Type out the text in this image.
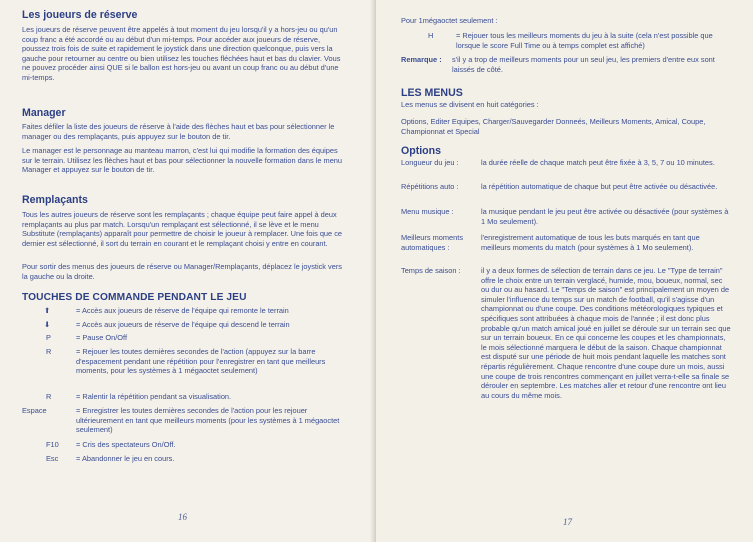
Les joueurs de réserve
Les joueurs de réserve peuvent être appelés à tout moment du jeu lorsqu'il y a hors-jeu ou qu'un coup franc a été accordé ou au début d'un mi-temps. Pour accéder aux joueurs de réserve, poussez trois fois de suite et rapidement le joystick dans une direction quelconque, puis vers la gauche pour retourner au centre ou bien utilisez les touches fléchées haut et bas du clavier. Vous ne pouvez procéder ainsi QUE si le ballon est hors-jeu ou avant un coup franc ou au début d'une mi-temps.
Manager
Faites défiler la liste des joueurs de réserve à l'aide des flèches haut et bas pour sélectionner le manager ou des remplaçants, puis appuyez sur le bouton de tir.
Le manager est le personnage au manteau marron, c'est lui qui modifie la formation des équipes sur le terrain. Utilisez les flèches haut et bas pour sélectionner la nouvelle formation dans le menu Manager et appuyez sur le bouton de tir.
Remplaçants
Tous les autres joueurs de réserve sont les remplaçants ; chaque équipe peut faire appel à deux remplaçants au plus par match. Lorsqu'un remplaçant est sélectionné, il se lève et le menu Substitute (remplaçants) apparaît pour permettre de choisir le joueur à remplacer. Une fois que ce dernier est sélectionné, il sort du terrain en courant et le remplaçant choisi y entre en courant.
Pour sortir des menus des joueurs de réserve ou Manager/Remplaçants, déplacez le joystick vers la gauche ou la droite.
TOUCHES DE COMMANDE PENDANT LE JEU
⬆	= Accès aux joueurs de réserve de l'équipe qui remonte le terrain
⬇	= Accès aux joueurs de réserve de l'équipe qui descend le terrain
P	= Pause On/Off
R	= Rejouer les toutes dernières secondes de l'action (appuyez sur la barre d'espacement pendant une répétition pour l'enregistrer en tant que meilleurs moments, pour les systèmes à 1 mégaoctet seulement)
R	= Ralentir la répétition pendant sa visualisation.
Espace	= Enregistrer les toutes dernières secondes de l'action pour les rejouer ultérieurement en tant que meilleurs moments (pour les systèmes à 1 mégaoctet seulement)
F10 = Cris des spectateurs On/Off.
Esc = Abandonner le jeu en cours.
16
Pour 1mégaoctet seulement :
H	= Rejouer tous les meilleurs moments du jeu à la suite (cela n'est possible que lorsque le score Full Time ou à temps complet est affiché)
Remarque : s'il y a trop de meilleurs moments pour un seul jeu, les premiers d'entre eux sont laissés de côté.
LES MENUS
Les menus se divisent en huit catégories :
Options, Editer Equipes, Charger/Sauvegarder Donneés, Meilleurs Moments, Amical, Coupe, Championnat et Special
Options
Longueur du jeu :	la durée réelle de chaque match peut être fixée à 3, 5, 7 ou 10 minutes.
Répétitions auto :	la répétition automatique de chaque but peut être activée ou désactivée.
Menu musique :	la musique pendant le jeu peut être activée ou désactivée (pour systèmes à 1 Mo seulement).
Meilleurs moments automatiques :
l'enregistrement automatique de tous les buts marqués en tant que meilleurs moments du match (pour systèmes à 1 Mo seulement).
Temps de saison :	il y a deux formes de sélection de terrain dans ce jeu. Le "Type de terrain" offre le choix entre un terrain verglacé, humide, mou, boueux, normal, sec ou dur ou au hasard. Le "Temps de saison" est principalement un moyen de simuler l'influence du temps sur un match de football, qu'il s'agisse d'un championnat ou d'une coupe. Des conditions météorologiques typiques et spécifiques sont attribuées à chaque mois de l'année ; il est donc plus probable qu'un match amical joué en juillet se déroule sur un terrain sec que sur un terrain boueux. En ce qui concerne les coupes et les championnats, le mois sélectionné marquera le début de la saison. Chaque championnat est disputé sur une période de huit mois pendant laquelle les matches sont répartis régulièrement. Chaque rencontre d'une coupe dure un mois, aussi une coupe de trois rencontres commençant en juillet verra-t-elle sa finale se dérouler en septembre. Les matches aller et retour d'une rencontre ont lieu au cours du même mois.
17
